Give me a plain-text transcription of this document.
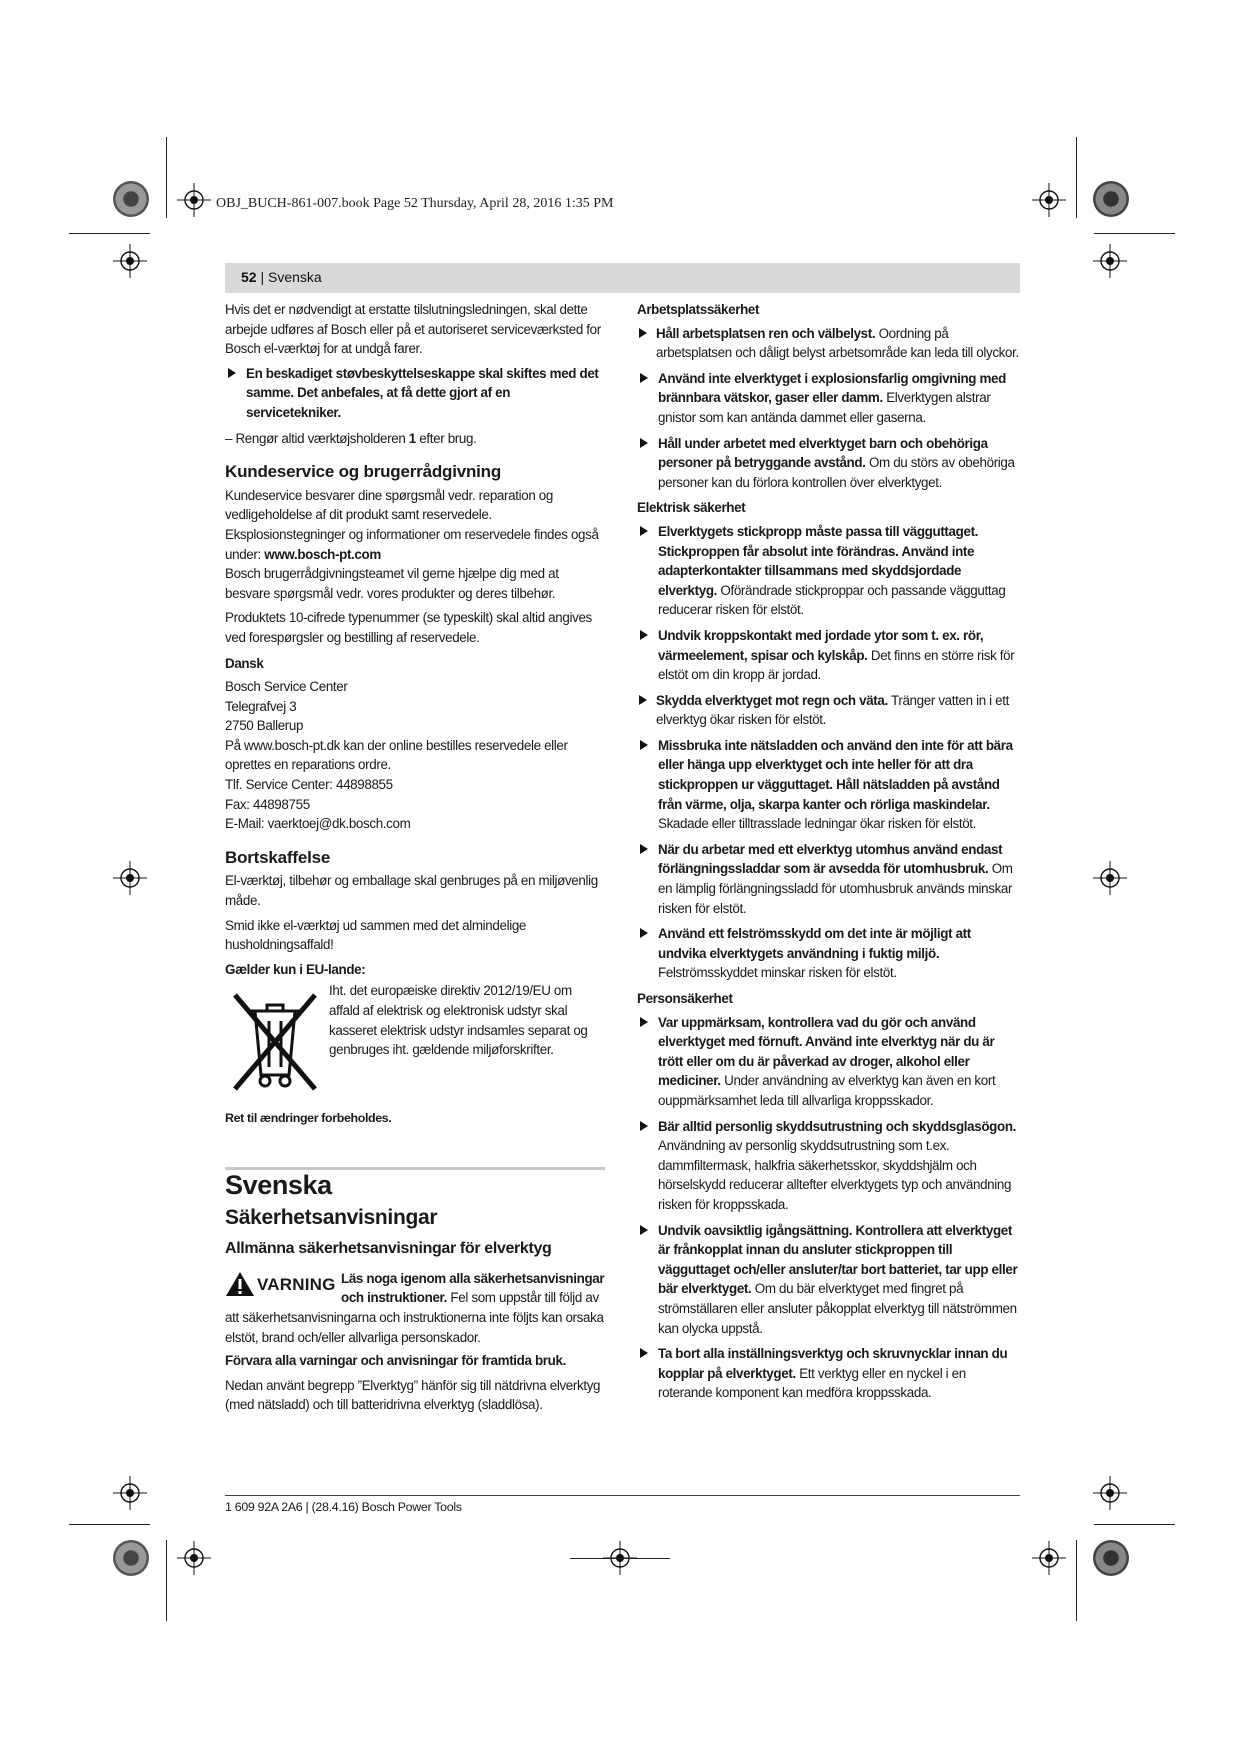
OBJ_BUCH-861-007.book Page 52 Thursday, April 28, 2016 1:35 PM
52 | Svenska

Hvis det er nødvendigt at erstatte tilslutningsledningen, skal dette arbejde udføres af Bosch eller på et autoriseret serviceværksted for Bosch el-værktøj for at undgå farer.

En beskadiget støvbeskyttelseskappe skal skiftes med det samme. Det anbefales, at få dette gjort af en servicetekniker.

– Rengør altid værktøjsholderen 1 efter brug.

Kundeservice og brugerrådgivning

Kundeservice besvarer dine spørgsmål vedr. reparation og vedligeholdelse af dit produkt samt reservedele. Eksplosionstegninger og informationer om reservedele findes også under: www.bosch-pt.com

Bosch brugerrådgivningsteamet vil gerne hjælpe dig med at besvare spørgsmål vedr. vores produkter og deres tilbehør.

Produktets 10-cifrede typenummer (se typeskilt) skal altid angives ved forespørgsler og bestilling af reservedele.

Dansk
Bosch Service Center
Telegrafvej 3
2750 Ballerup
På www.bosch-pt.dk kan der online bestilles reservedele eller oprettes en reparations ordre.
Tlf. Service Center: 44898855
Fax: 44898755
E-Mail: vaerktoej@dk.bosch.com
Bortskaffelse

El-værktøj, tilbehør og emballage skal genbruges på en miljøvenlig måde.

Smid ikke el-værktøj ud sammen med det almindelige husholdningsaffald!

Gælder kun i EU-lande:
Iht. det europæiske direktiv 2012/19/EU om affald af elektrisk og elektronisk udstyr skal kasseret elektrisk udstyr indsamles separat og genbruges iht. gældende miljøforskrifter.

Ret til ændringer forbeholdes.

Svenska
Säkerhetsanvisningar
Allmänna säkerhetsanvisningar för elverktyg
VARNING Läs noga igenom alla säkerhetsanvisningar och instruktioner. Fel som uppstår till följd av att säkerhetsanvisningarna och instruktionerna inte följts kan orsaka elstöt, brand och/eller allvarliga personskador.

Förvara alla varningar och anvisningar för framtida bruk.

Nedan använt begrepp ”Elverktyg” hänför sig till nätdrivna elverktyg (med nätsladd) och till batteridrivna elverktyg (sladdlösa).

Arbetsplatssäkerhet
Håll arbetsplatsen ren och välbelyst. Oordning på arbetsplatsen och dåligt belyst arbetsområde kan leda till olyckor.
Använd inte elverktyget i explosionsfarlig omgivning med brännbara vätskor, gaser eller damm. Elverktygen alstrar gnistor som kan antända dammet eller gaserna.
Håll under arbetet med elverktyget barn och obehöriga personer på betryggande avstånd. Om du störs av obehöriga personer kan du förlora kontrollen över elverktyget.
Elektrisk säkerhet
Elverktygets stickpropp måste passa till vägguttaget. Stickproppen får absolut inte förändras. Använd inte adapterkontakter tillsammans med skyddsjordade elverktyg. Oförändrade stickproppar och passande vägguttag reducerar risken för elstöt.
Undvik kroppskontakt med jordade ytor som t. ex. rör, värmeelement, spisar och kylskåp. Det finns en större risk för elstöt om din kropp är jordad.
Skydda elverktyget mot regn och väta. Tränger vatten in i ett elverktyg ökar risken för elstöt.
Missbruka inte nätsladden och använd den inte för att bära eller hänga upp elverktyget och inte heller för att dra stickproppen ur vägguttaget. Håll nätsladden på avstånd från värme, olja, skarpa kanter och rörliga maskindelar. Skadade eller tilltrasslade ledningar ökar risken för elstöt.
När du arbetar med ett elverktyg utomhus använd endast förlängningssladdar som är avsedda för utomhusbruk. Om en lämplig förlängningssladd för utomhusbruk används minskar risken för elstöt.
Använd ett felströmsskydd om det inte är möjligt att undvika elverktygets användning i fuktig miljö. Felströmsskyddet minskar risken för elstöt.
Personsäkerhet
Var uppmärksam, kontrollera vad du gör och använd elverktyget med förnuft. Använd inte elverktyg när du är trött eller om du är påverkad av droger, alkohol eller mediciner. Under användning av elverktyg kan även en kort ouppmärksamhet leda till allvarliga kroppsskador.
Bär alltid personlig skyddsutrustning och skyddsglasögon. Användning av personlig skyddsutrustning som t.ex. dammfiltermask, halkfria säkerhetsskor, skyddshjälm och hörselskydd reducerar alltefter elverktygets typ och användning risken för kroppsskada.
Undvik oavsiktlig igångsättning. Kontrollera att elverktyget är frånkopplat innan du ansluter stickproppen till vägguttaget och/eller ansluter/tar bort batteriet, tar upp eller bär elverktyget. Om du bär elverktyget med fingret på strömställaren eller ansluter påkopplat elverktyg till nätströmmen kan olycka uppstå.
Ta bort alla inställningsverktyg och skruvnycklar innan du kopplar på elverktyget. Ett verktyg eller en nyckel i en roterande komponent kan medföra kroppsskada.
1 609 92A 2A6 | (28.4.16) Bosch Power Tools
